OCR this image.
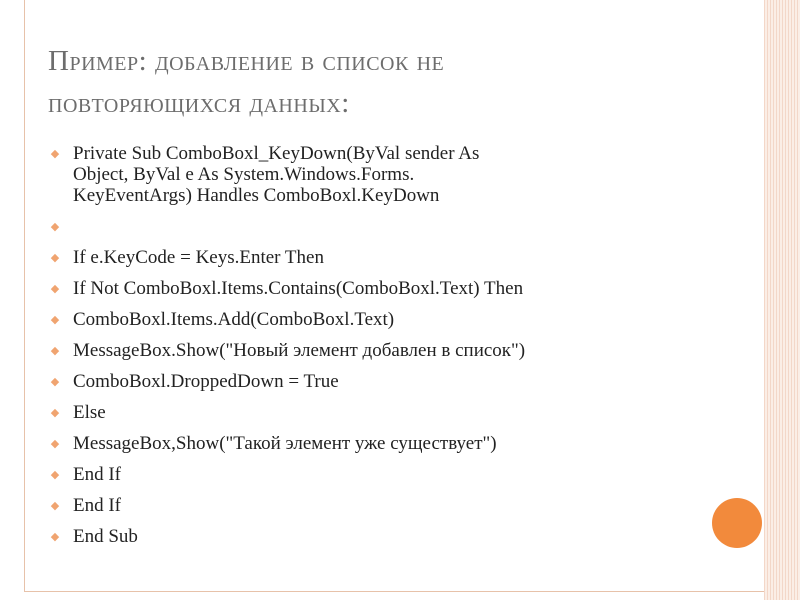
Пример: добавление в список не
повторяющихся данных:
◆ Private Sub ComboBoxl_KeyDown(ByVal sender As
Object, ByVal e As System.Windows.Forms.
KeyEventArgs) Handles ComboBoxl.KeyDown
◆
◆ If e.KeyCode = Keys.Enter Then
◆ If Not ComboBoxl.Items.Contains(ComboBoxl.Text) Then
◆ ComboBoxl.Items.Add(ComboBoxl.Text)
◆ MessageBox.Show("Новый элемент добавлен в список")
◆ ComboBoxl.DroppedDown = True
◆ Else
◆ MessageBox,Show("Такой элемент уже существует")
◆ End If
◆ End If
◆ End Sub
